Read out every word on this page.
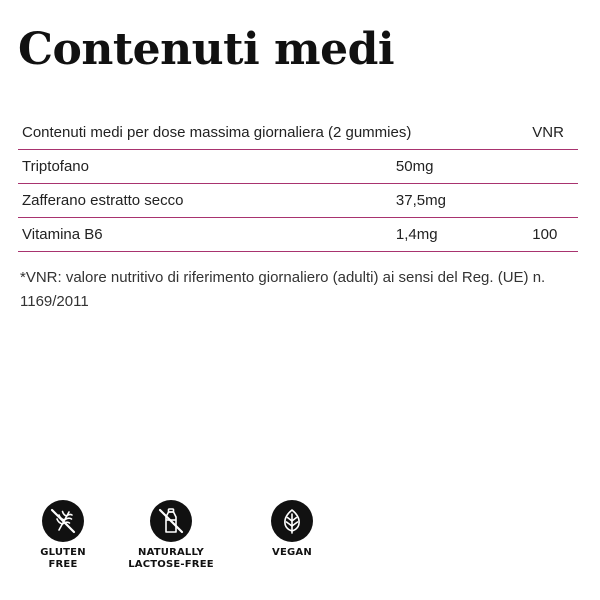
Contenuti medi
Contenuti medi per dose massima giornaliera (2 gummies)		VNR
Triptofano	50mg	
Zafferano estratto secco	37,5mg	
Vitamina B6	1,4mg	100

*VNR: valore nutritivo di riferimento giornaliero (adulti) ai sensi del Reg. (UE) n. 1169/2011

GLUTEN
FREE
NATURALLY
LACTOSE-FREE
VEGAN
